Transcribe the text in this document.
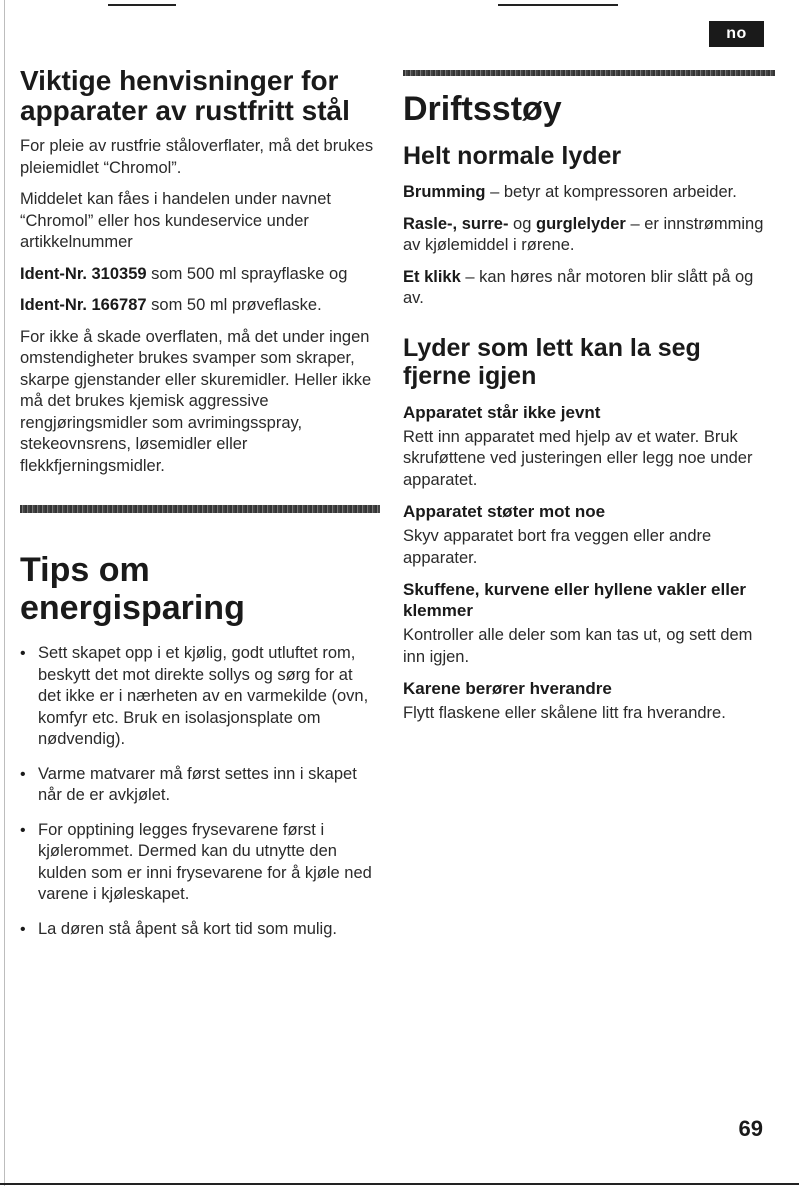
no
Viktige henvisninger for apparater av rustfritt stål

For pleie av rustfrie ståloverflater, må det brukes pleiemidlet “Chromol”.

Middelet kan fåes i handelen under navnet “Chromol” eller hos kundeservice under artikkelnummer

Ident-Nr. 310359 som 500 ml sprayflaske og

Ident-Nr. 166787 som 50 ml prøveflaske.

For ikke å skade overflaten, må det under ingen omstendigheter brukes svamper som skraper, skarpe gjenstander eller skuremidler. Heller ikke må det brukes kjemisk aggressive rengjøringsmidler som avrimingsspray, stekeovnsrens, løsemidler eller flekkfjerningsmidler.

Tips om energisparing
• Sett skapet opp i et kjølig, godt utluftet rom, beskytt det mot direkte sollys og sørg for at det ikke er i nærheten av en varmekilde (ovn, komfyr etc. Bruk en isolasjonsplate om nødvendig).
• Varme matvarer må først settes inn i skapet når de er avkjølet.
• For opptining legges frysevarene først i kjølerommet. Dermed kan du utnytte den kulden som er inni frysevarene for å kjøle ned varene i kjøleskapet.
• La døren stå åpent så kort tid som mulig.
Driftsstøy
Helt normale lyder

Brumming – betyr at kompressoren arbeider.

Rasle-, surre- og gurglelyder – er innstrømming av kjølemiddel i rørene.

Et klikk – kan høres når motoren blir slått på og av.

Lyder som lett kan la seg fjerne igjen
Apparatet står ikke jevnt

Rett inn apparatet med hjelp av et water. Bruk skruføttene ved justeringen eller legg noe under apparatet.

Apparatet støter mot noe

Skyv apparatet bort fra veggen eller andre apparater.

Skuffene, kurvene eller hyllene vakler eller klemmer

Kontroller alle deler som kan tas ut, og sett dem inn igjen.

Karene berører hverandre

Flytt flaskene eller skålene litt fra hverandre.

69
